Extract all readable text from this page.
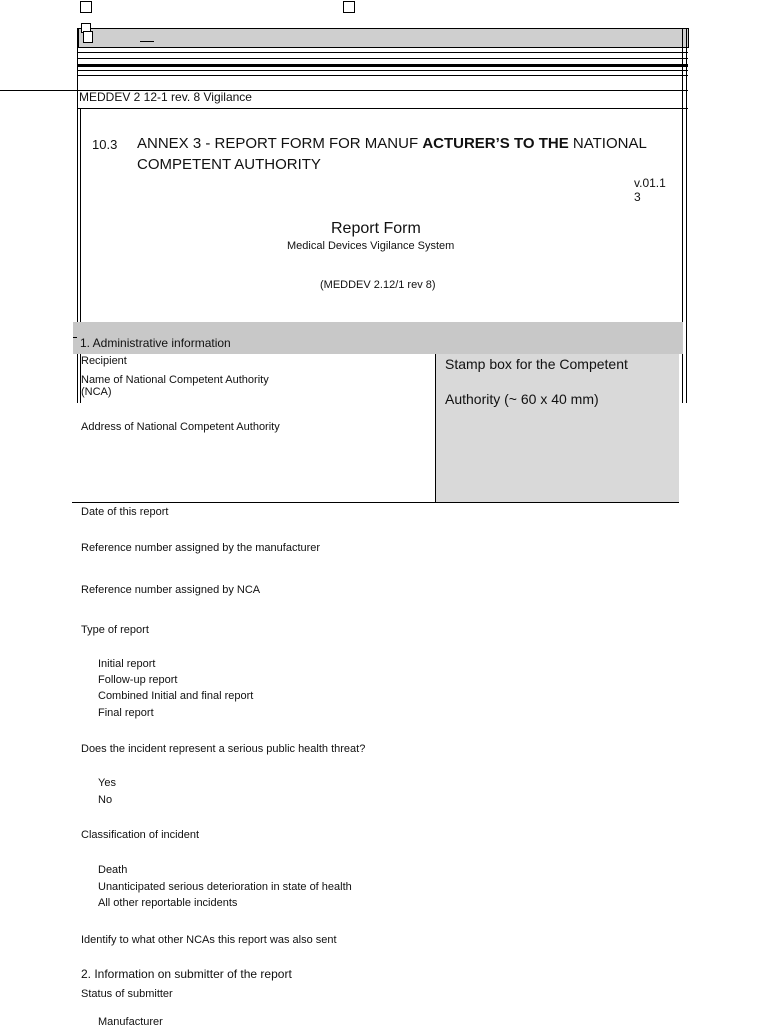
MEDDEV 2 12-1 rev. 8 Vigilance
10.3 ANNEX 3 - REPORT FORM FOR MANUF ACTURER’S TO THE NATIONAL
COMPETENT AUTHORITY
v.01.1
3
Report Form
Medical Devices Vigilance System
(MEDDEV 2.12/1 rev 8)
1. Administrative information
Stamp box for the Competent
Authority (~ 60 x 40 mm)
Recipient
Name of National Competent Authority
(NCA)
Address of National Competent Authority
Date of this report
Reference number assigned by the manufacturer
Reference number assigned by NCA
Type of report
Initial report
Follow-up report
Combined Initial and final report
Final report
Does the incident represent a serious public health threat?
Yes
No
Classification of incident
Death
Unanticipated serious deterioration in state of health
All other reportable incidents
Identify to what other NCAs this report was also sent
2. Information on submitter of the report
Status of submitter
Manufacturer
